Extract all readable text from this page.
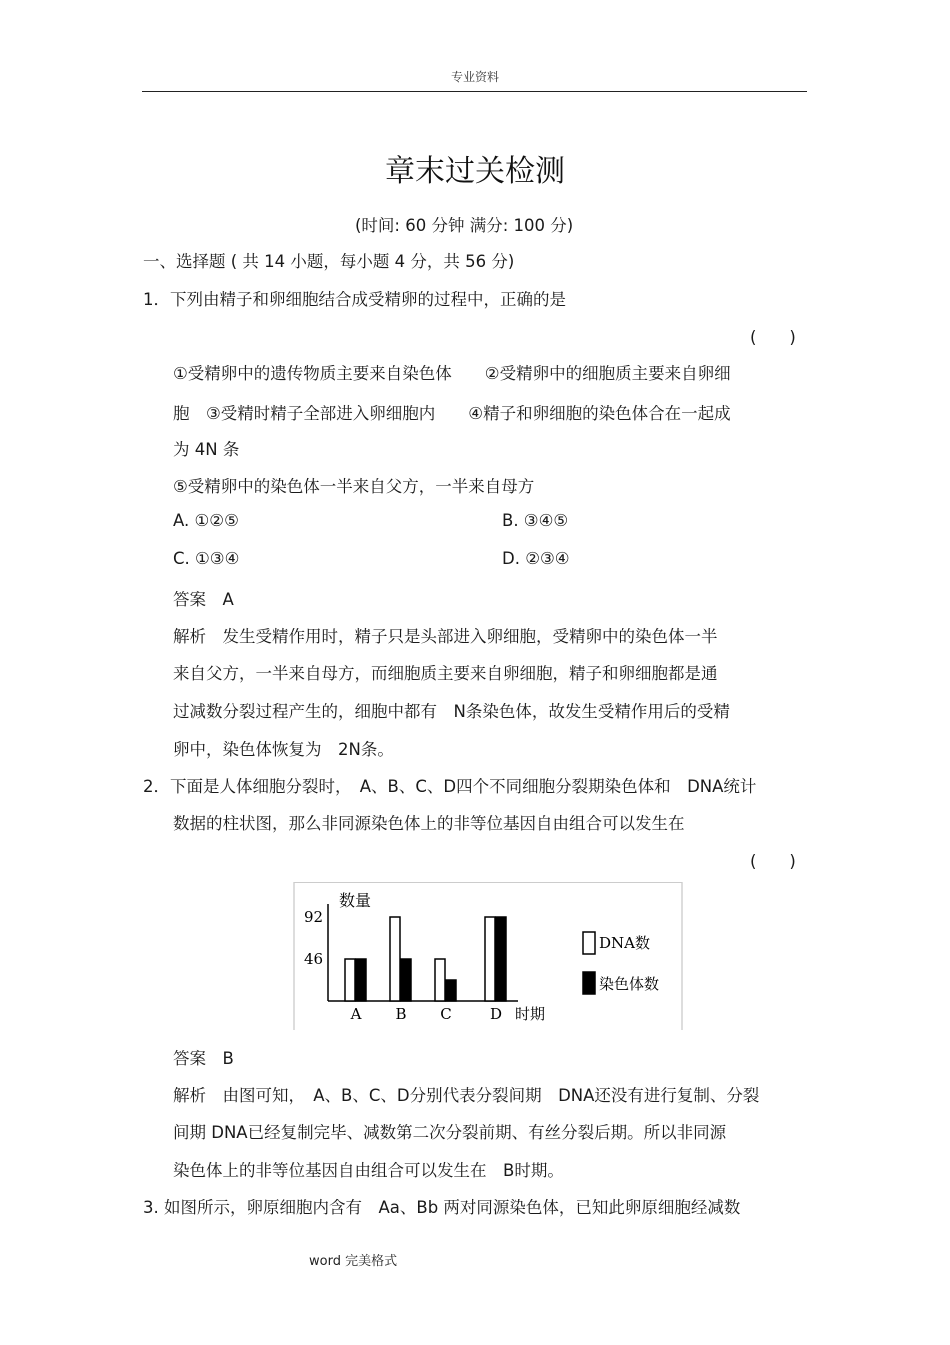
专业资料
章末过关检测
(时间: 60 分钟 满分: 100 分)
一、选择题 ( 共 14 小题，每小题 4 分，共 56 分)
1．下列由精子和卵细胞结合成受精卵的过程中，正确的是
(　　)
①受精卵中的遗传物质主要来自染色体　　②受精卵中的细胞质主要来自卵细
胞　③受精时精子全部进入卵细胞内　　④精子和卵细胞的染色体合在一起成
为 4N 条
⑤受精卵中的染色体一半来自父方，一半来自母方
A. ①②⑤	B. ③④⑤
C. ①③④	D. ②③④
答案　A
解析　发生受精作用时，精子只是头部进入卵细胞，受精卵中的染色体一半
来自父方，一半来自母方，而细胞质主要来自卵细胞，精子和卵细胞都是通
过减数分裂过程产生的，细胞中都有　N条染色体，故发生受精作用后的受精
卵中，染色体恢复为　2N条。
2．下面是人体细胞分裂时，　A、B、C、D四个不同细胞分裂期染色体和　DNA统计
数据的柱状图，那么非同源染色体上的非等位基因自由组合可以发生在
(　　)
数量
时期
DNA数
染色体数
92
46
A B C	D
答案　B
解析　由图可知，　A、B、C、D分别代表分裂间期　DNA还没有进行复制、分裂
间期 DNA已经复制完毕、减数第二次分裂前期、有丝分裂后期。所以非同源
染色体上的非等位基因自由组合可以发生在　B时期。
3. 如图所示，卵原细胞内含有　Aa、Bb 两对同源染色体，已知此卵原细胞经减数
word 完美格式
